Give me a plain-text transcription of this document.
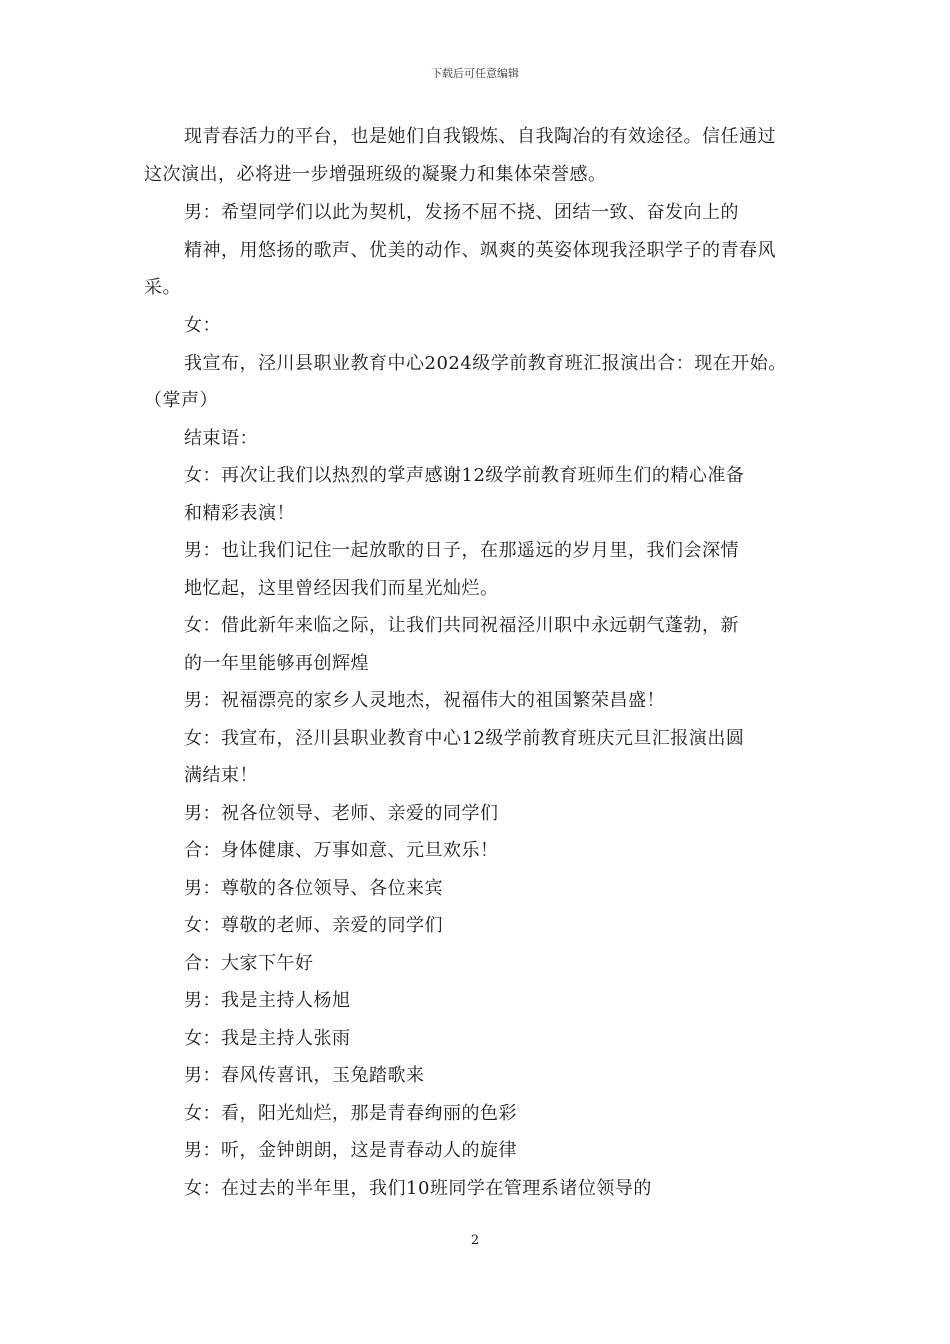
下载后可任意编辑
现青春活力的平台，也是她们自我锻炼、自我陶冶的有效途径。信任通过
这次演出，必将进一步增强班级的凝聚力和集体荣誉感。
男：希望同学们以此为契机，发扬不屈不挠、团结一致、奋发向上的
精神，用悠扬的歌声、优美的动作、飒爽的英姿体现我泾职学子的青春风
采。
女：
我宣布，泾川县职业教育中心2024级学前教育班汇报演出合：现在开始。
（掌声）
结束语：
女：再次让我们以热烈的掌声感谢12级学前教育班师生们的精心准备
和精彩表演！
男：也让我们记住一起放歌的日子，在那遥远的岁月里，我们会深情
地忆起，这里曾经因我们而星光灿烂。
女：借此新年来临之际，让我们共同祝福泾川职中永远朝气蓬勃，新
的一年里能够再创辉煌
男：祝福漂亮的家乡人灵地杰，祝福伟大的祖国繁荣昌盛！
女：我宣布，泾川县职业教育中心12级学前教育班庆元旦汇报演出圆
满结束！
男：祝各位领导、老师、亲爱的同学们
合：身体健康、万事如意、元旦欢乐！
男：尊敬的各位领导、各位来宾
女：尊敬的老师、亲爱的同学们
合：大家下午好
男：我是主持人杨旭
女：我是主持人张雨
男：春风传喜讯，玉兔踏歌来
女：看，阳光灿烂，那是青春绚丽的色彩
男：听，金钟朗朗，这是青春动人的旋律
女：在过去的半年里，我们10班同学在管理系诸位领导的
2
